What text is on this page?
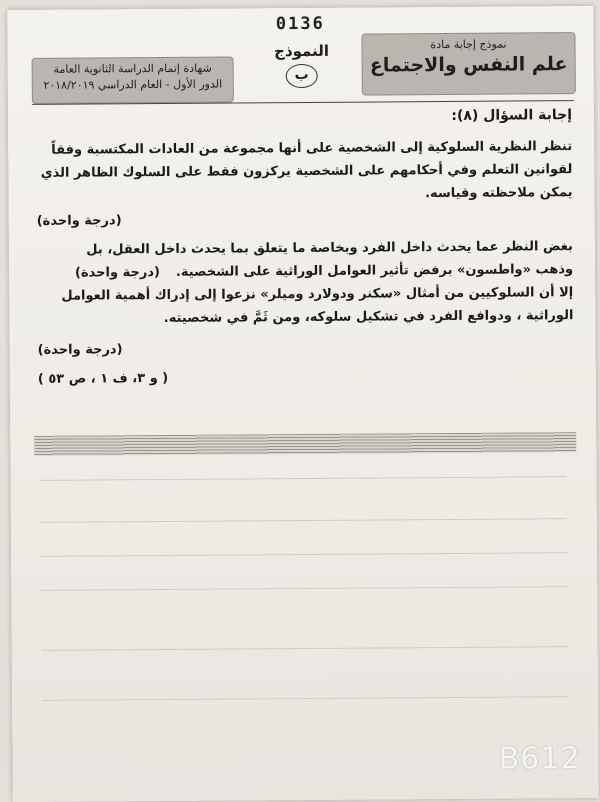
0136
نموذج إجابة مادة
علم النفس والاجتماع
النموذج
ب
شهادة إتمام الدراسة الثانوية العامة
الدور الأول - العام الدراسي ٢٠١٨/٢٠١٩
إجابة السؤال (٨):

تنظر النظرية السلوكية إلى الشخصية على أنها مجموعة من العادات المكتسبة وفقاً

لقوانين التعلم وفي أحكامهم على الشخصية يركزون فقط على السلوك الظاهر الذي

يمكن ملاحظته وقياسه.

(درجة واحدة)

بغض النظر عما يحدث داخل الفرد وبخاصة ما يتعلق بما يحدث داخل العقل، بل

وذهب «واطسون» برفض تأثير العوامل الوراثية على الشخصية.(درجة واحدة)

إلا أن السلوكيين من أمثال «سكنر ودولارد وميلر» نزعوا إلى إدراك أهمية العوامل

الوراثية ، ودوافع الفرد في تشكيل سلوكه، ومن ثَمَّ في شخصيته.

(درجة واحدة)
( و ٣، ف ١ ، ص ٥٣ )
B612
